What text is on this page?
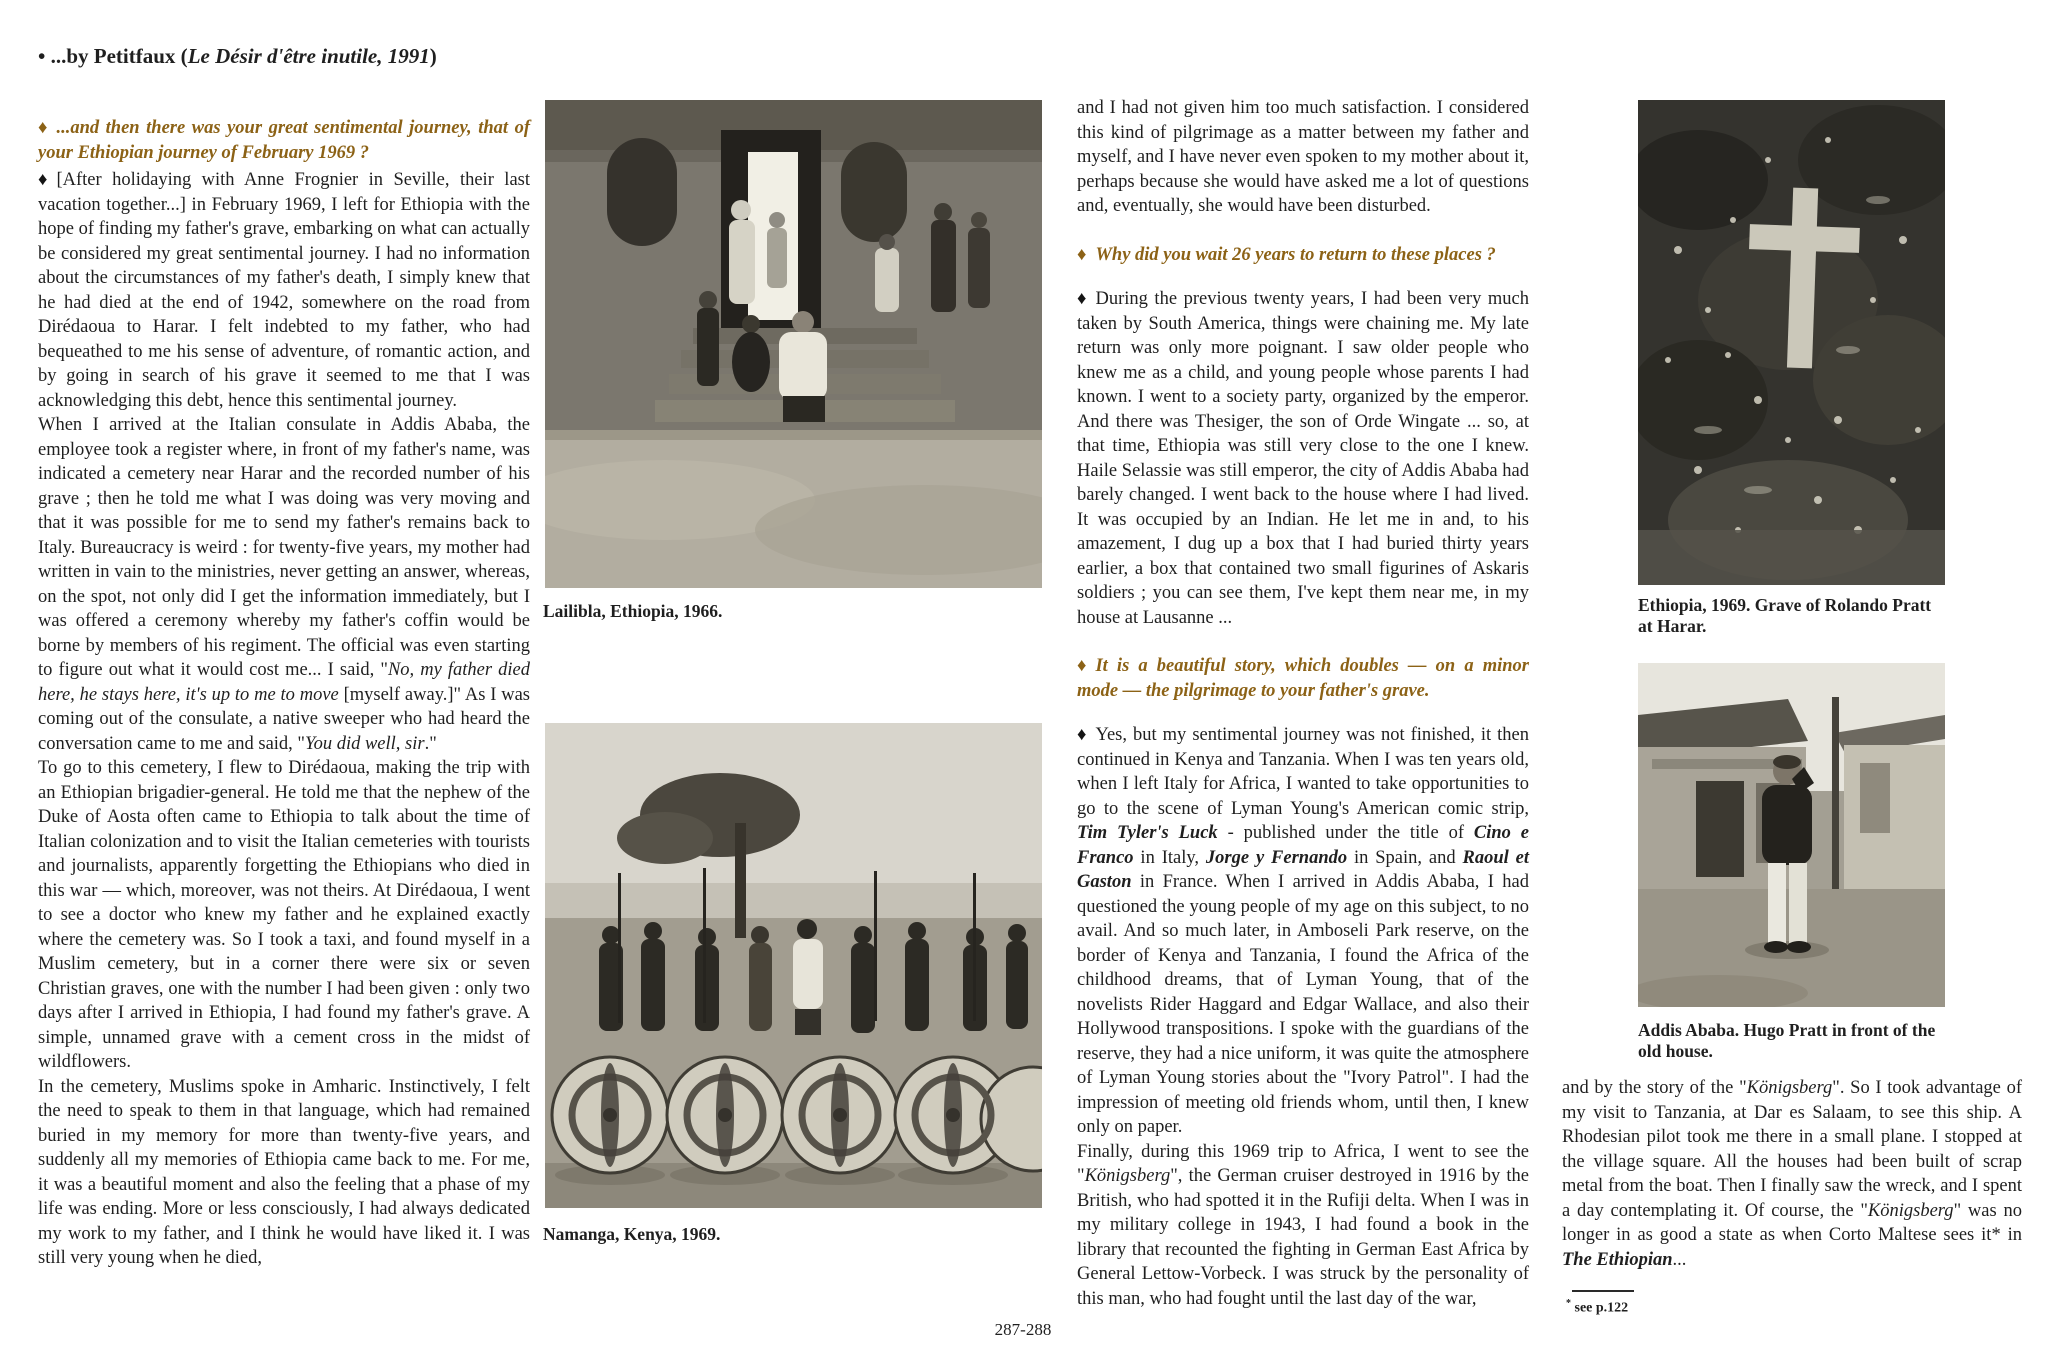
• ...by Petitfaux (Le Désir d'être inutile, 1991)

♦ ...and then there was your great sentimental journey, that of your Ethiopian journey of February 1969 ?

♦ [After holidaying with Anne Frognier in Seville, their last vacation together...] in February 1969, I left for Ethiopia with the hope of finding my father's grave, embarking on what can actually be considered my great sentimental journey. I had no information about the circumstances of my father's death, I simply knew that he had died at the end of 1942, somewhere on the road from Dirédaoua to Harar. I felt indebted to my father, who had bequeathed to me his sense of adventure, of romantic action, and by going in search of his grave it seemed to me that I was acknowledging this debt, hence this sentimental journey.

When I arrived at the Italian consulate in Addis Ababa, the employee took a register where, in front of my father's name, was indicated a cemetery near Harar and the recorded number of his grave ; then he told me what I was doing was very moving and that it was possible for me to send my father's remains back to Italy. Bureaucracy is weird : for twenty-five years, my mother had written in vain to the ministries, never getting an answer, whereas, on the spot, not only did I get the information immediately, but I was offered a ceremony whereby my father's coffin would be borne by members of his regiment. The official was even starting to figure out what it would cost me... I said, "No, my father died here, he stays here, it's up to me to move [myself away.]" As I was coming out of the consulate, a native sweeper who had heard the conversation came to me and said, "You did well, sir."

To go to this cemetery, I flew to Dirédaoua, making the trip with an Ethiopian brigadier-general. He told me that the nephew of the Duke of Aosta often came to Ethiopia to talk about the time of Italian colonization and to visit the Italian cemeteries with tourists and journalists, apparently forgetting the Ethiopians who died in this war — which, moreover, was not theirs. At Dirédaoua, I went to see a doctor who knew my father and he explained exactly where the cemetery was. So I took a taxi, and found myself in a Muslim cemetery, but in a corner there were six or seven Christian graves, one with the number I had been given : only two days after I arrived in Ethiopia, I had found my father's grave. A simple, unnamed grave with a cement cross in the midst of wildflowers.

In the cemetery, Muslims spoke in Amharic. Instinctively, I felt the need to speak to them in that language, which had remained buried in my memory for more than twenty-five years, and suddenly all my memories of Ethiopia came back to me. For me, it was a beautiful moment and also the feeling that a phase of my life was ending. More or less consciously, I had always dedicated my work to my father, and I think he would have liked it. I was still very young when he died,

Lailibla, Ethiopia, 1966.
Namanga, Kenya, 1969.

and I had not given him too much satisfaction. I considered this kind of pilgrimage as a matter between my father and myself, and I have never even spoken to my mother about it, perhaps because she would have asked me a lot of questions and, eventually, she would have been disturbed.

♦ Why did you wait 26 years to return to these places ?

♦ During the previous twenty years, I had been very much taken by South America, things were chaining me. My late return was only more poignant. I saw older people who knew me as a child, and young people whose parents I had known. I went to a society party, organized by the emperor. And there was Thesiger, the son of Orde Wingate ... so, at that time, Ethiopia was still very close to the one I knew. Haile Selassie was still emperor, the city of Addis Ababa had barely changed. I went back to the house where I had lived. It was occupied by an Indian. He let me in and, to his amazement, I dug up a box that I had buried thirty years earlier, a box that contained two small figurines of Askaris soldiers ; you can see them, I've kept them near me, in my house at Lausanne ...

♦ It is a beautiful story, which doubles — on a minor mode — the pilgrimage to your father's grave.

♦ Yes, but my sentimental journey was not finished, it then continued in Kenya and Tanzania. When I was ten years old, when I left Italy for Africa, I wanted to take opportunities to go to the scene of Lyman Young's American comic strip, Tim Tyler's Luck - published under the title of Cino e Franco in Italy, Jorge y Fernando in Spain, and Raoul et Gaston in France. When I arrived in Addis Ababa, I had questioned the young people of my age on this subject, to no avail. And so much later, in Amboseli Park reserve, on the border of Kenya and Tanzania, I found the Africa of the childhood dreams, that of Lyman Young, that of the novelists Rider Haggard and Edgar Wallace, and also their Hollywood transpositions. I spoke with the guardians of the reserve, they had a nice uniform, it was quite the atmosphere of Lyman Young stories about the "Ivory Patrol". I had the impression of meeting old friends whom, until then, I knew only on paper.

Finally, during this 1969 trip to Africa, I went to see the "Königsberg", the German cruiser destroyed in 1916 by the British, who had spotted it in the Rufiji delta. When I was in my military college in 1943, I had found a book in the library that recounted the fighting in German East Africa by General Lettow-Vorbeck. I was struck by the personality of this man, who had fought until the last day of the war,

Ethiopia, 1969. Grave of Rolando Pratt at Harar.
Addis Ababa. Hugo Pratt in front of the old house.

and by the story of the "Königsberg". So I took advantage of my visit to Tanzania, at Dar es Salaam, to see this ship. A Rhodesian pilot took me there in a small plane. I stopped at the village square. All the houses had been built of scrap metal from the boat. Then I finally saw the wreck, and I spent a day contemplating it. Of course, the "Königsberg" was no longer in as good a state as when Corto Maltese sees it* in The Ethiopian...

* see p.122
287-288
